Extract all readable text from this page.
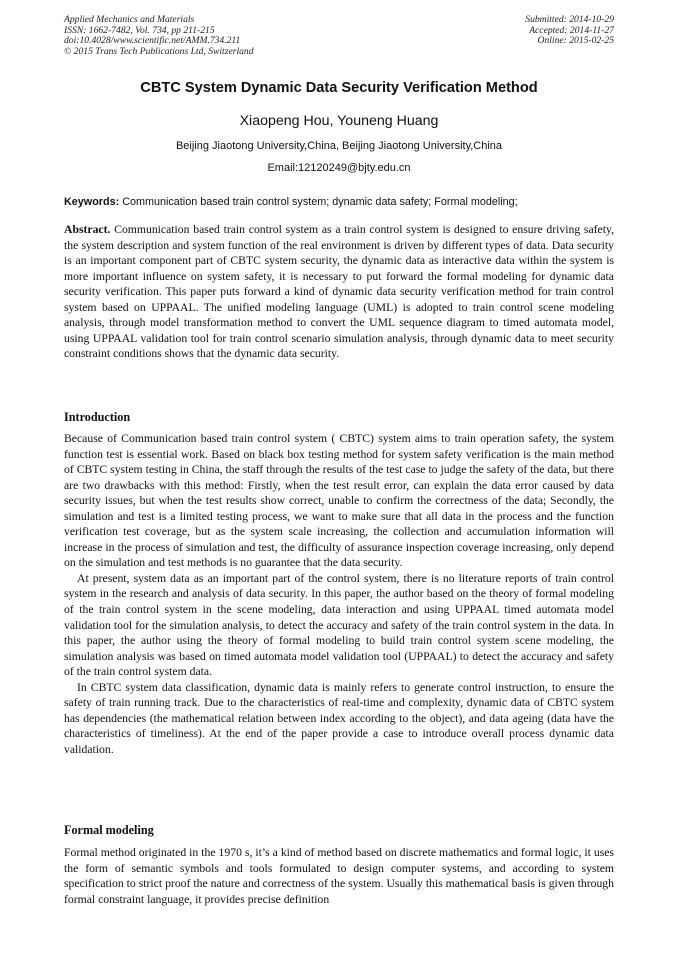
Applied Mechanics and Materials
ISSN: 1662-7482, Vol. 734, pp 211-215
doi:10.4028/www.scientific.net/AMM.734.211
© 2015 Trans Tech Publications Ltd, Switzerland
Submitted: 2014-10-29
Accepted: 2014-11-27
Online: 2015-02-25
CBTC System Dynamic Data Security Verification Method
Xiaopeng Hou, Youneng Huang
Beijing Jiaotong University,China, Beijing Jiaotong University,China
Email:12120249@bjty.edu.cn
Keywords: Communication based train control system; dynamic data safety; Formal modeling;

Abstract. Communication based train control system as a train control system is designed to ensure driving safety, the system description and system function of the real environment is driven by different types of data. Data security is an important component part of CBTC system security, the dynamic data as interactive data within the system is more important influence on system safety, it is necessary to put forward the formal modeling for dynamic data security verification. This paper puts forward a kind of dynamic data security verification method for train control system based on UPPAAL. The unified modeling language (UML) is adopted to train control scene modeling analysis, through model transformation method to convert the UML sequence diagram to timed automata model, using UPPAAL validation tool for train control scenario simulation analysis, through dynamic data to meet security constraint conditions shows that the dynamic data security.

Introduction

Because of Communication based train control system ( CBTC) system aims to train operation safety, the system function test is essential work. Based on black box testing method for system safety verification is the main method of CBTC system testing in China, the staff through the results of the test case to judge the safety of the data, but there are two drawbacks with this method: Firstly, when the test result error, can explain the data error caused by data security issues, but when the test results show correct, unable to confirm the correctness of the data; Secondly, the simulation and test is a limited testing process, we want to make sure that all data in the process and the function verification test coverage, but as the system scale increasing, the collection and accumulation information will increase in the process of simulation and test, the difficulty of assurance inspection coverage increasing, only depend on the simulation and test methods is no guarantee that the data security.

At present, system data as an important part of the control system, there is no literature reports of train control system in the research and analysis of data security. In this paper, the author based on the theory of formal modeling of the train control system in the scene modeling, data interaction and using UPPAAL timed automata model validation tool for the simulation analysis, to detect the accuracy and safety of the train control system in the data. In this paper, the author using the theory of formal modeling to build train control system scene modeling, the simulation analysis was based on timed automata model validation tool (UPPAAL) to detect the accuracy and safety of the train control system data.

In CBTC system data classification, dynamic data is mainly refers to generate control instruction, to ensure the safety of train running track. Due to the characteristics of real-time and complexity, dynamic data of CBTC system has dependencies (the mathematical relation between index according to the object), and data ageing (data have the characteristics of timeliness). At the end of the paper provide a case to introduce overall process dynamic data validation.

Formal modeling

Formal method originated in the 1970 s, it’s a kind of method based on discrete mathematics and formal logic, it uses the form of semantic symbols and tools formulated to design computer systems, and according to system specification to strict proof the nature and correctness of the system. Usually this mathematical basis is given through formal constraint language, it provides precise definition
